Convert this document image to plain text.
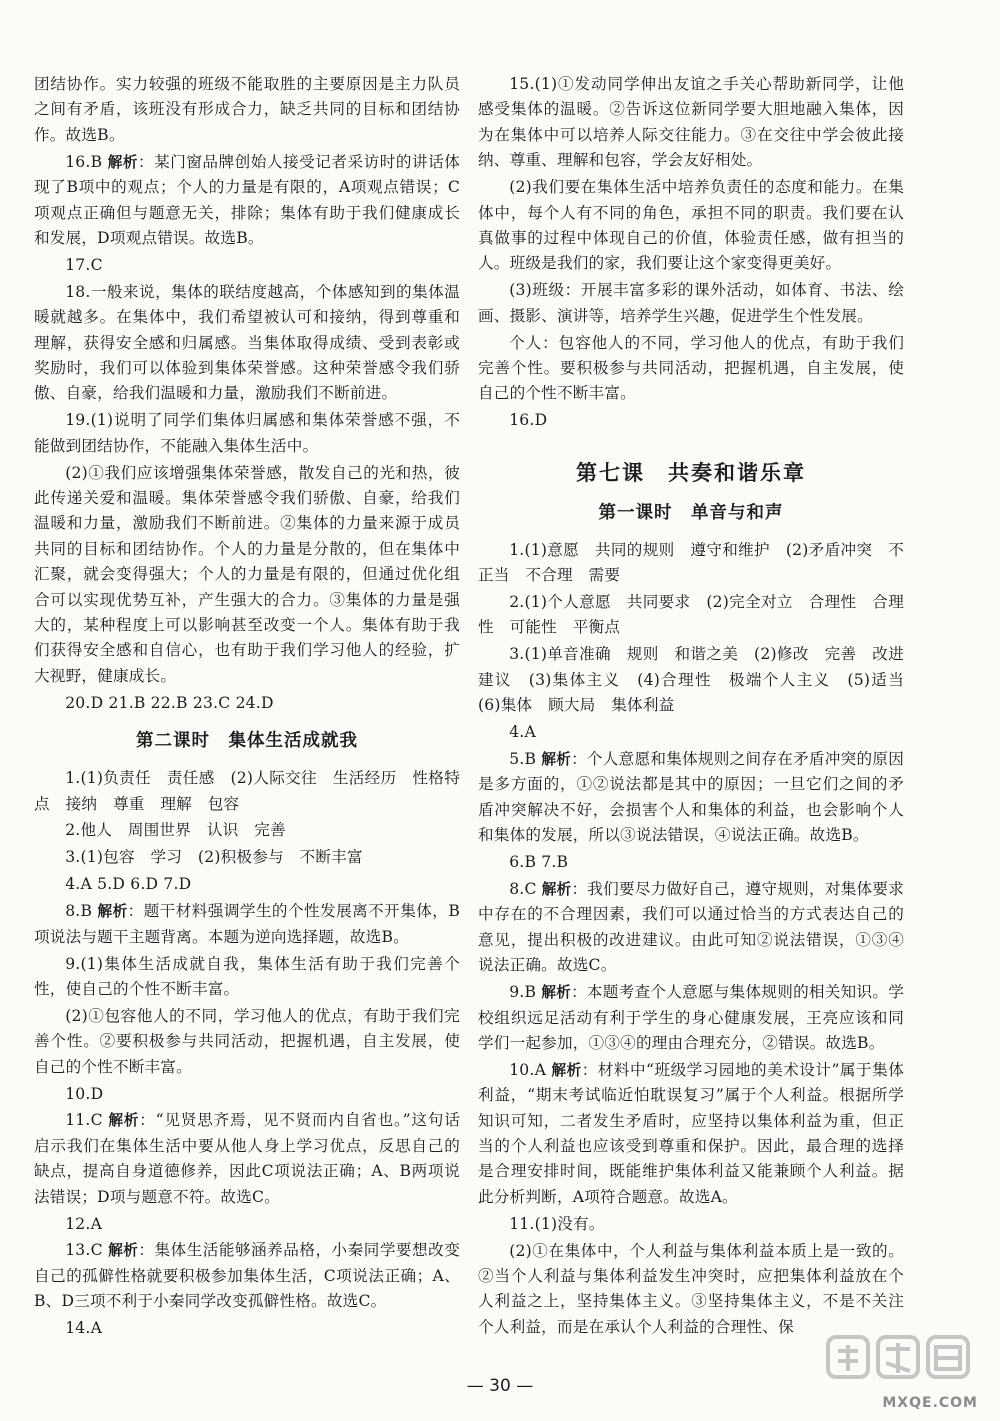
团结协作。实力较强的班级不能取胜的主要原因是主力队员之间有矛盾，该班没有形成合力，缺乏共同的目标和团结协作。故选B。

16.B 解析：某门窗品牌创始人接受记者采访时的讲话体现了B项中的观点；个人的力量是有限的，A项观点错误；C项观点正确但与题意无关，排除；集体有助于我们健康成长和发展，D项观点错误。故选B。

17.C

18.一般来说，集体的联结度越高，个体感知到的集体温暖就越多。在集体中，我们希望被认可和接纳，得到尊重和理解，获得安全感和归属感。当集体取得成绩、受到表彰或奖励时，我们可以体验到集体荣誉感。这种荣誉感令我们骄傲、自豪，给我们温暖和力量，激励我们不断前进。

19.(1)说明了同学们集体归属感和集体荣誉感不强，不能做到团结协作，不能融入集体生活中。

(2)①我们应该增强集体荣誉感，散发自己的光和热，彼此传递关爱和温暖。集体荣誉感令我们骄傲、自豪，给我们温暖和力量，激励我们不断前进。②集体的力量来源于成员共同的目标和团结协作。个人的力量是分散的，但在集体中汇聚，就会变得强大；个人的力量是有限的，但通过优化组合可以实现优势互补，产生强大的合力。③集体的力量是强大的，某种程度上可以影响甚至改变一个人。集体有助于我们获得安全感和自信心，也有助于我们学习他人的经验，扩大视野，健康成长。

20.D 21.B 22.B 23.C 24.D

第二课时　集体生活成就我

1.(1)负责任　责任感　(2)人际交往　生活经历　性格特点　接纳　尊重　理解　包容

2.他人　周围世界　认识　完善

3.(1)包容　学习　(2)积极参与　不断丰富

4.A 5.D 6.D 7.D

8.B 解析：题干材料强调学生的个性发展离不开集体，B项说法与题干主题背离。本题为逆向选择题，故选B。

9.(1)集体生活成就自我，集体生活有助于我们完善个性，使自己的个性不断丰富。

(2)①包容他人的不同，学习他人的优点，有助于我们完善个性。②要积极参与共同活动，把握机遇，自主发展，使自己的个性不断丰富。

10.D

11.C 解析：“见贤思齐焉，见不贤而内自省也。”这句话启示我们在集体生活中要从他人身上学习优点，反思自己的缺点，提高自身道德修养，因此C项说法正确；A、B两项说法错误；D项与题意不符。故选C。

12.A

13.C 解析：集体生活能够涵养品格，小秦同学要想改变自己的孤僻性格就要积极参加集体生活，C项说法正确；A、B、D三项不利于小秦同学改变孤僻性格。故选C。

14.A

15.(1)①发动同学伸出友谊之手关心帮助新同学，让他感受集体的温暖。②告诉这位新同学要大胆地融入集体，因为在集体中可以培养人际交往能力。③在交往中学会彼此接纳、尊重、理解和包容，学会友好相处。

(2)我们要在集体生活中培养负责任的态度和能力。在集体中，每个人有不同的角色，承担不同的职责。我们要在认真做事的过程中体现自己的价值，体验责任感，做有担当的人。班级是我们的家，我们要让这个家变得更美好。

(3)班级：开展丰富多彩的课外活动，如体育、书法、绘画、摄影、演讲等，培养学生兴趣，促进学生个性发展。

个人：包容他人的不同，学习他人的优点，有助于我们完善个性。要积极参与共同活动，把握机遇，自主发展，使自己的个性不断丰富。

16.D

第七课　共奏和谐乐章
第一课时　单音与和声

1.(1)意愿　共同的规则　遵守和维护　(2)矛盾冲突　不正当　不合理　需要

2.(1)个人意愿　共同要求　(2)完全对立　合理性　合理性　可能性　平衡点

3.(1)单音准确　规则　和谐之美　(2)修改　完善　改进建议　(3)集体主义　(4)合理性　极端个人主义　(5)适当　(6)集体　顾大局　集体利益

4.A

5.B 解析：个人意愿和集体规则之间存在矛盾冲突的原因是多方面的，①②说法都是其中的原因；一旦它们之间的矛盾冲突解决不好，会损害个人和集体的利益，也会影响个人和集体的发展，所以③说法错误，④说法正确。故选B。

6.B 7.B

8.C 解析：我们要尽力做好自己，遵守规则，对集体要求中存在的不合理因素，我们可以通过恰当的方式表达自己的意见，提出积极的改进建议。由此可知②说法错误，①③④说法正确。故选C。

9.B 解析：本题考查个人意愿与集体规则的相关知识。学校组织远足活动有利于学生的身心健康发展，王亮应该和同学们一起参加，①③④的理由合理充分，②错误。故选B。

10.A 解析：材料中“班级学习园地的美术设计”属于集体利益，“期末考试临近怕耽误复习”属于个人利益。根据所学知识可知，二者发生矛盾时，应坚持以集体利益为重，但正当的个人利益也应该受到尊重和保护。因此，最合理的选择是合理安排时间，既能维护集体利益又能兼顾个人利益。据此分析判断，A项符合题意。故选A。

11.(1)没有。

(2)①在集体中，个人利益与集体利益本质上是一致的。②当个人利益与集体利益发生冲突时，应把集体利益放在个人利益之上，坚持集体主义。③坚持集体主义，不是不关注个人利益，而是在承认个人利益的合理性、保

— 30 —
MXQE.COM
